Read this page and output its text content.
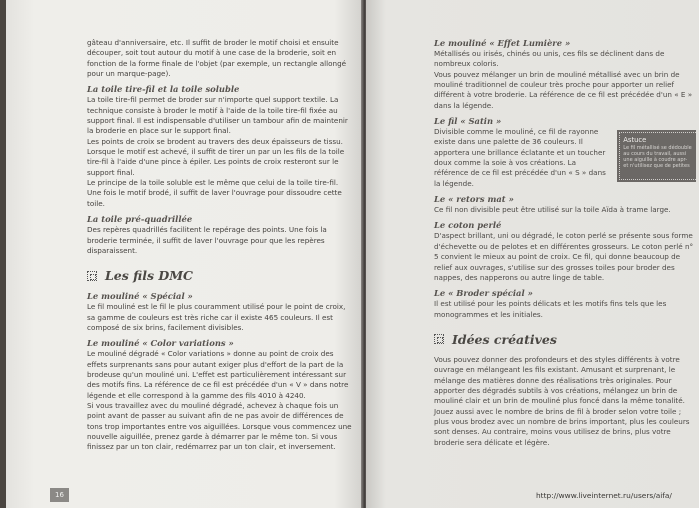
gâteau d'anniversaire, etc. Il suffit de broder le motif choisi et ensuite découper, soit tout autour du motif à une case de la broderie, soit en fonction de la forme finale de l'objet (par exemple, un rectangle allongé pour un marque-page).

La toile tire-fil et la toile soluble

La toile tire-fil permet de broder sur n'importe quel support textile. La technique consiste à broder le motif à l'aide de la toile tire-fil fixée au support final. Il est indispensable d'utiliser un tambour afin de maintenir la broderie en place sur le support final.

Les points de croix se brodent au travers des deux épaisseurs de tissu. Lorsque le motif est achevé, il suffit de tirer un par un les fils de la toile tire-fil à l'aide d'une pince à épiler. Les points de croix resteront sur le support final.

Le principe de la toile soluble est le même que celui de la toile tire-fil. Une fois le motif brodé, il suffit de laver l'ouvrage pour dissoudre cette toile.

La toile pré-quadrillée

Des repères quadrillés facilitent le repérage des points. Une fois la broderie terminée, il suffit de laver l'ouvrage pour que les repères disparaissent.

Les fils DMC
Le mouliné « Spécial »

Le fil mouliné est le fil le plus couramment utilisé pour le point de croix, sa gamme de couleurs est très riche car il existe 465 couleurs. Il est composé de six brins, facilement divisibles.

Le mouliné « Color variations »

Le mouliné dégradé « Color variations » donne au point de croix des effets surprenants sans pour autant exiger plus d'effort de la part de la brodeuse qu'un mouliné uni. L'effet est particulièrement intéressant sur des motifs fins. La référence de ce fil est précédée d'un « V » dans notre légende et elle correspond à la gamme des fils 4010 à 4240.

Si vous travaillez avec du mouliné dégradé, achevez à chaque fois un point avant de passer au suivant afin de ne pas avoir de différences de tons trop importantes entre vos aiguillées. Lorsque vous commencez une nouvelle aiguillée, prenez garde à démarrer par le même ton. Si vous finissez par un ton clair, redémarrez par un ton clair, et inversement.

16
Le mouliné « Effet Lumière »

Métallisés ou irisés, chinés ou unis, ces fils se déclinent dans de nombreux coloris.

Vous pouvez mélanger un brin de mouliné métallisé avec un brin de mouliné traditionnel de couleur très proche pour apporter un relief différent à votre broderie. La référence de ce fil est précédée d'un « E » dans la légende.

Le fil « Satin »

Divisible comme le mouliné, ce fil de rayonne existe dans une palette de 36 couleurs. Il apportera une brillance éclatante et un toucher doux comme la soie à vos créations. La référence de ce fil est précédée d'un « S » dans la légende.

Astuce
Le fil métallisé se dédouble
au cours du travail, aussi
une aiguille à coudre apr-
et n'utilisez que de petites
Le « retors mat »

Ce fil non divisible peut être utilisé sur la toile Aïda à trame large.

Le coton perlé

D'aspect brillant, uni ou dégradé, le coton perlé se présente sous forme d'échevette ou de pelotes et en différentes grosseurs. Le coton perlé n° 5 convient le mieux au point de croix. Ce fil, qui donne beaucoup de relief aux ouvrages, s'utilise sur des grosses toiles pour broder des nappes, des napperons ou autre linge de table.

Le « Broder spécial »

Il est utilisé pour les points délicats et les motifs fins tels que les monogrammes et les initiales.

Idées créatives

Vous pouvez donner des profondeurs et des styles différents à votre ouvrage en mélangeant les fils existant. Amusant et surprenant, le mélange des matières donne des réalisations très originales. Pour apporter des dégradés subtils à vos créations, mélangez un brin de mouliné clair et un brin de mouliné plus foncé dans la même tonalité.

Jouez aussi avec le nombre de brins de fil à broder selon votre toile ; plus vous brodez avec un nombre de brins important, plus les couleurs sont denses. Au contraire, moins vous utilisez de brins, plus votre broderie sera délicate et légère.

http://www.liveinternet.ru/users/aifa/
